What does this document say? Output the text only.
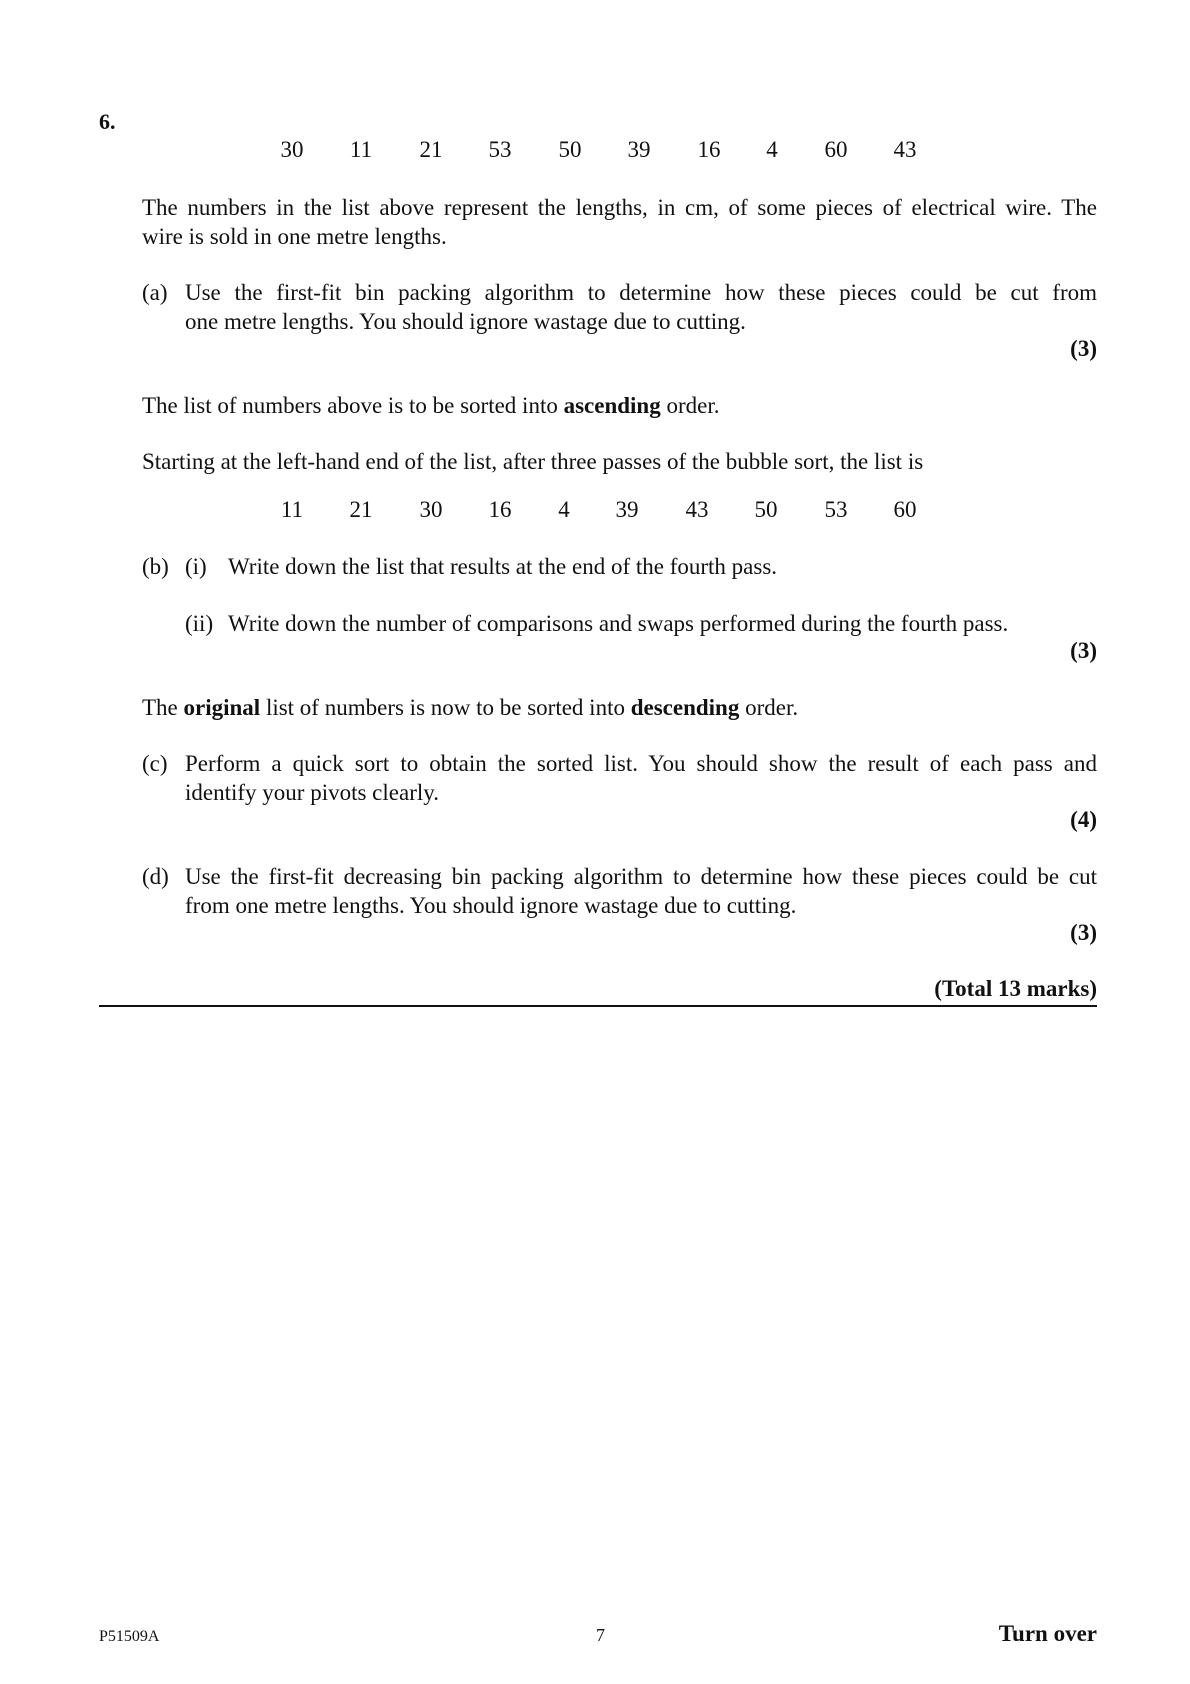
6.
30 11 21 53 50 39 16 4 60 43
The numbers in the list above represent the lengths, in cm, of some pieces of electrical wire. The
wire is sold in one metre lengths.
(a) Use the first-fit bin packing algorithm to determine how these pieces could be cut from
one metre lengths. You should ignore wastage due to cutting.
(3)
The list of numbers above is to be sorted into ascending order.
Starting at the left-hand end of the list, after three passes of the bubble sort, the list is
11 21 30 16 4 39 43 50 53 60
(b) (i) Write down the list that results at the end of the fourth pass.
(ii) Write down the number of comparisons and swaps performed during the fourth pass.
(3)
The original list of numbers is now to be sorted into descending order.
(c) Perform a quick sort to obtain the sorted list. You should show the result of each pass and
identify your pivots clearly.
(4)
(d) Use the first-fit decreasing bin packing algorithm to determine how these pieces could be cut
from one metre lengths. You should ignore wastage due to cutting.
(3)
(Total 13 marks)
P51509A	7	Turn over
